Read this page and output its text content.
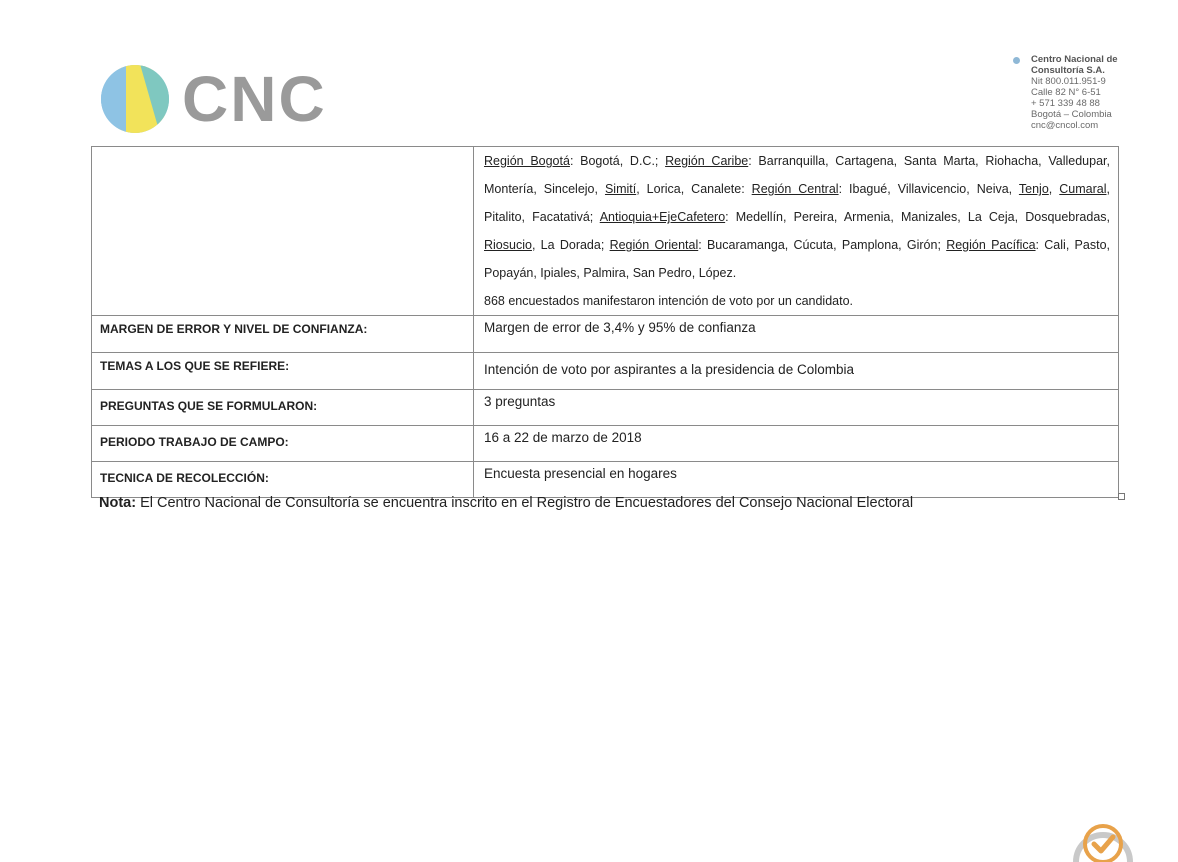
CNC
Centro Nacional de
Consultoría S.A.
Nit 800.011.951-9
Calle 82 N° 6-51
+ 571 339 48 88
Bogotá – Colombia
cnc@cncol.com

	Región Bogotá: Bogotá, D.C.; Región Caribe: Barranquilla, Cartagena, Santa Marta, Riohacha, Valledupar, Montería, Sincelejo, Simití, Lorica, Canalete: Región Central: Ibagué, Villavicencio, Neiva, Tenjo, Cumaral, Pitalito, Facatativá; Antioquia+EjeCafetero: Medellín, Pereira, Armenia, Manizales, La Ceja, Dosquebradas, Riosucio, La Dorada; Región Oriental: Bucaramanga, Cúcuta, Pamplona, Girón; Región Pacífica: Cali, Pasto, Popayán, Ipiales, Palmira, San Pedro, López.
868 encuestados manifestaron intención de voto por un candidato.

MARGEN DE ERROR Y NIVEL DE CONFIANZA:	Margen de error de 3,4% y 95% de confianza

TEMAS A LOS QUE SE REFIERE:	Intención de voto por aspirantes a la presidencia de Colombia

PREGUNTAS QUE SE FORMULARON:	3 preguntas

PERIODO TRABAJO DE CAMPO:	16 a 22 de marzo de 2018

TECNICA DE RECOLECCIÓN:	Encuesta presencial en hogares
Nota: El Centro Nacional de Consultoría se encuentra inscrito en el Registro de Encuestadores del Consejo Nacional Electoral
